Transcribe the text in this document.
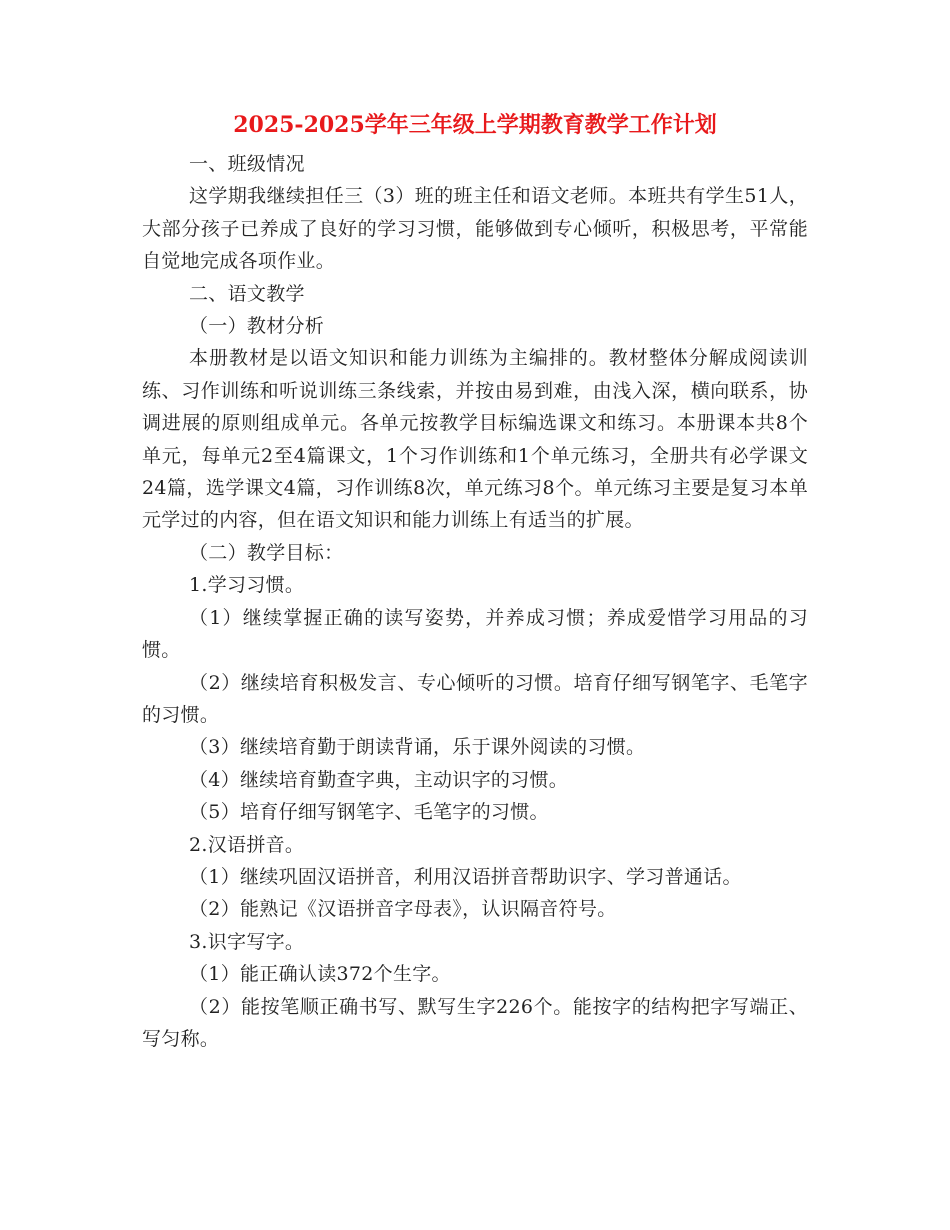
2025-2025学年三年级上学期教育教学工作计划

一、班级情况

这学期我继续担任三（3）班的班主任和语文老师。本班共有学生51人，大部分孩子已养成了良好的学习习惯，能够做到专心倾听，积极思考，平常能自觉地完成各项作业。

二、语文教学

（一）教材分析

本册教材是以语文知识和能力训练为主编排的。教材整体分解成阅读训练、习作训练和听说训练三条线索，并按由易到难，由浅入深，横向联系，协调进展的原则组成单元。各单元按教学目标编选课文和练习。本册课本共8个单元，每单元2至4篇课文，1个习作训练和1个单元练习，全册共有必学课文24篇，选学课文4篇，习作训练8次，单元练习8个。单元练习主要是复习本单元学过的内容，但在语文知识和能力训练上有适当的扩展。

（二）教学目标：

1.学习习惯。

（1）继续掌握正确的读写姿势，并养成习惯；养成爱惜学习用品的习惯。

（2）继续培育积极发言、专心倾听的习惯。培育仔细写钢笔字、毛笔字的习惯。

（3）继续培育勤于朗读背诵，乐于课外阅读的习惯。

（4）继续培育勤查字典，主动识字的习惯。

（5）培育仔细写钢笔字、毛笔字的习惯。

2.汉语拼音。

（1）继续巩固汉语拼音，利用汉语拼音帮助识字、学习普通话。

（2）能熟记《汉语拼音字母表》，认识隔音符号。

3.识字写字。

（1）能正确认读372个生字。

（2）能按笔顺正确书写、默写生字226个。能按字的结构把字写端正、写匀称。
